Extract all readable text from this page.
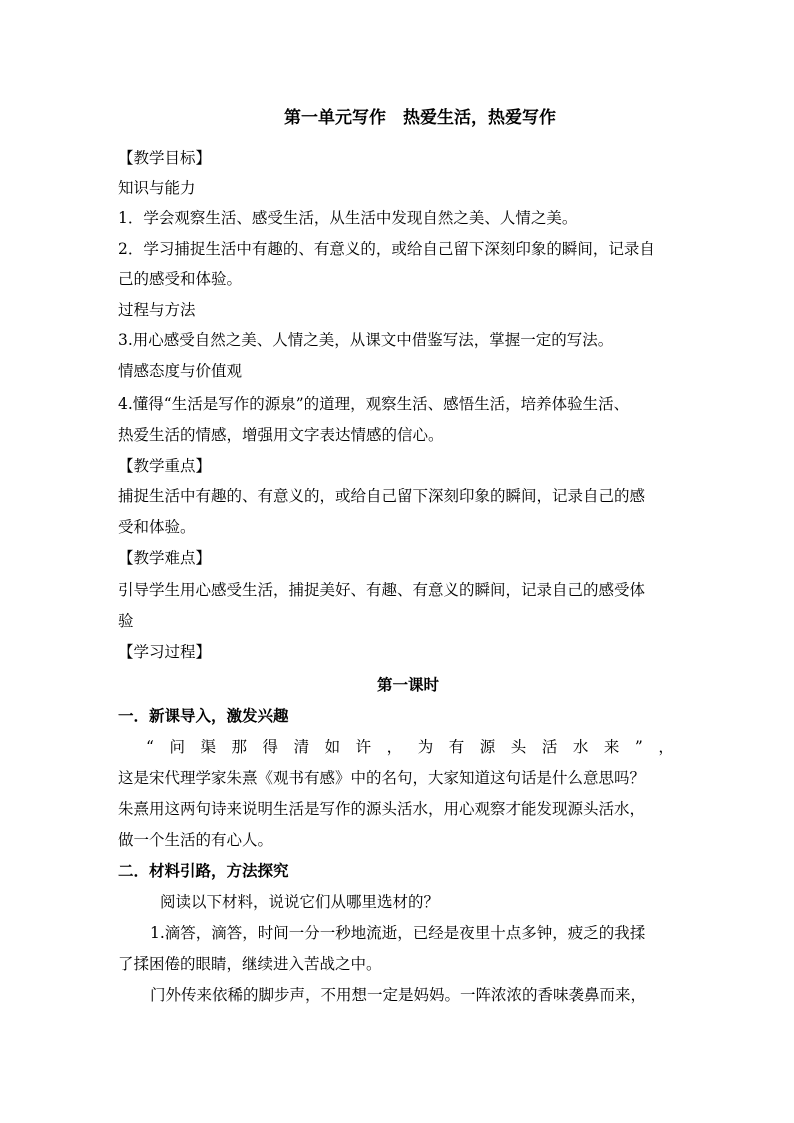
第一单元写作　热爱生活，热爱写作
【教学目标】
知识与能力
1．学会观察生活、感受生活，从生活中发现自然之美、人情之美。
2．学习捕捉生活中有趣的、有意义的，或给自己留下深刻印象的瞬间，记录自
己的感受和体验。
过程与方法
3.用心感受自然之美、人情之美，从课文中借鉴写法，掌握一定的写法。
情感态度与价值观
4.懂得“生活是写作的源泉”的道理，观察生活、感悟生活，培养体验生活、
热爱生活的情感，增强用文字表达情感的信心。
【教学重点】
捕捉生活中有趣的、有意义的，或给自己留下深刻印象的瞬间，记录自己的感
受和体验。
【教学难点】
引导学生用心感受生活，捕捉美好、有趣、有意义的瞬间，记录自己的感受体
验
【学习过程】
第一课时
一．新课导入，激发兴趣
“ 问 渠 那 得 清 如 许 ， 为 有 源 头 活 水 来 ” ，
这是宋代理学家朱熹《观书有感》中的名句，大家知道这句话是什么意思吗？
朱熹用这两句诗来说明生活是写作的源头活水，用心观察才能发现源头活水，
做一个生活的有心人。
二．材料引路，方法探究
阅读以下材料，说说它们从哪里选材的？
1.滴答，滴答，时间一分一秒地流逝，已经是夜里十点多钟，疲乏的我揉
了揉困倦的眼睛，继续进入苦战之中。
门外传来依稀的脚步声，不用想一定是妈妈。一阵浓浓的香味袭鼻而来，
